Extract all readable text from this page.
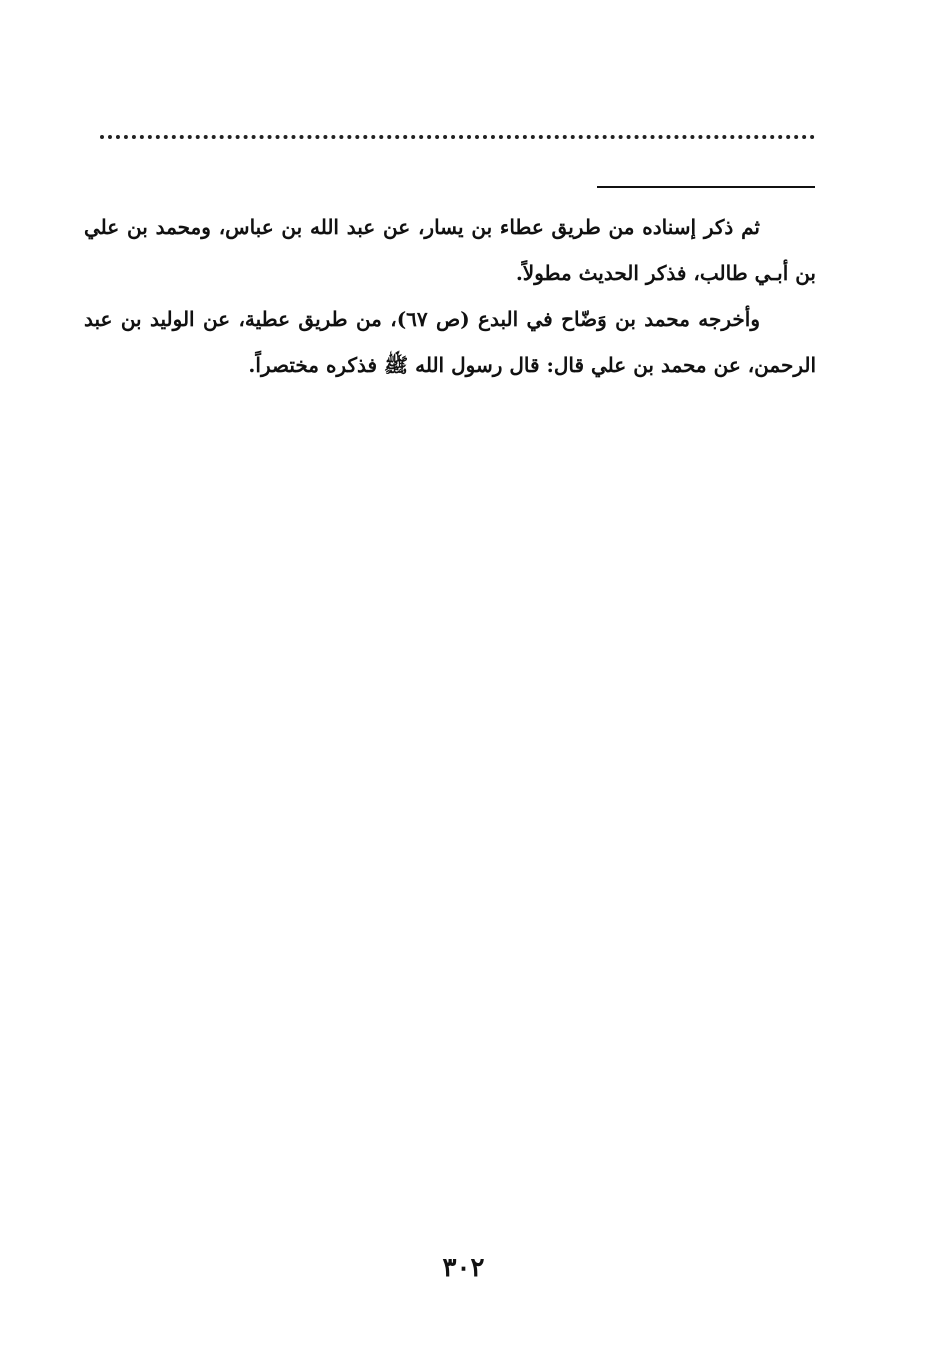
ثم ذكر إسناده من طريق عطاء بن يسار، عن عبد الله بن عباس، ومحمد بن علي بن أبـي طالب، فذكر الحديث مطولاً.

وأخرجه محمد بن وَضّاح في البدع (ص ٦٧)، من طريق عطية، عن الوليد بن عبد الرحمن، عن محمد بن علي قال: قال رسول الله ﷺ فذكره مختصراً.

٣٠٢
